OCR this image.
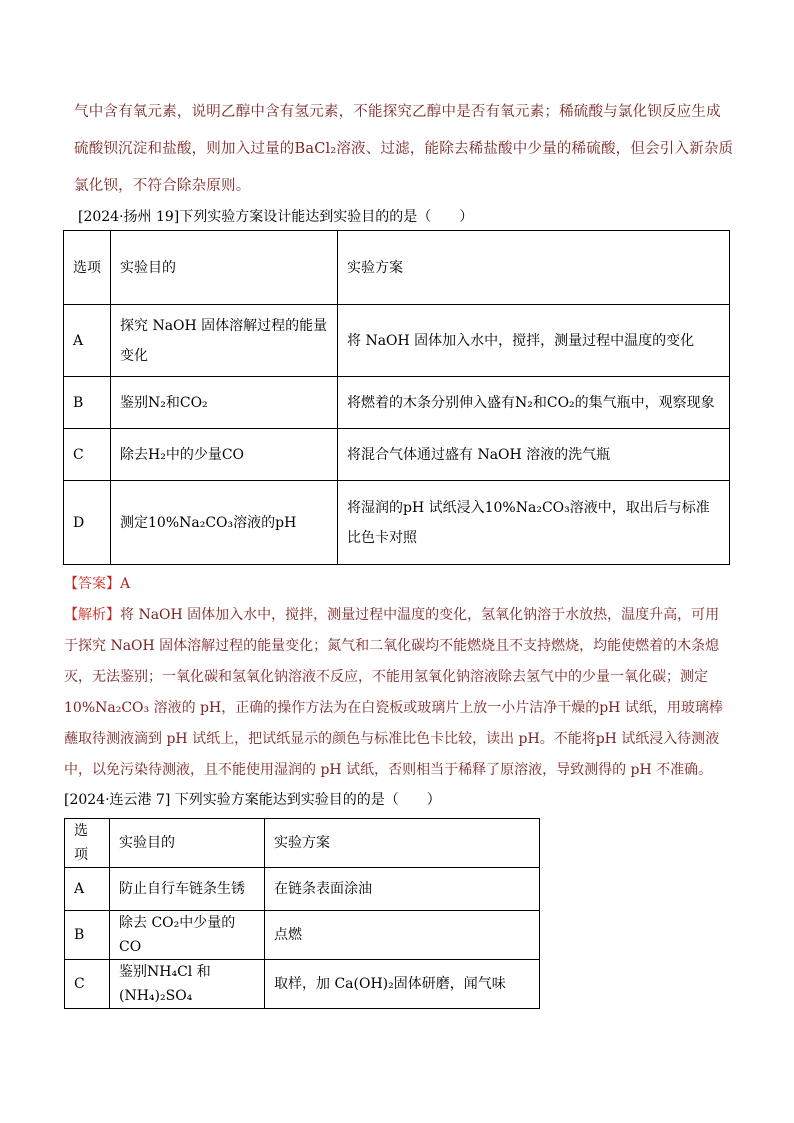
气中含有氧元素，说明乙醇中含有氢元素，不能探究乙醇中是否有氧元素；稀硫酸与氯化钡反应生成硫酸钡沉淀和盐酸，则加入过量的BaCl₂溶液、过滤，能除去稀盐酸中少量的稀硫酸，但会引入新杂质氯化钡，不符合除杂原则。
[2024·扬州 19]下列实验方案设计能达到实验目的的是（　　）
选项	实验目的	实验方案
A	探究 NaOH 固体溶解过程的能量变化	将 NaOH 固体加入水中，搅拌，测量过程中温度的变化
B	鉴别N₂和CO₂	将燃着的木条分别伸入盛有N₂和CO₂的集气瓶中，观察现象
C	除去H₂中的少量CO	将混合气体通过盛有 NaOH 溶液的洗气瓶
D	测定10%Na₂CO₃溶液的pH	将湿润的pH 试纸浸入10%Na₂CO₃溶液中，取出后与标准比色卡对照
【答案】A
【解析】将 NaOH 固体加入水中，搅拌，测量过程中温度的变化，氢氧化钠溶于水放热，温度升高，可用于探究 NaOH 固体溶解过程的能量变化；氮气和二氧化碳均不能燃烧且不支持燃烧，均能使燃着的木条熄灭，无法鉴别；一氧化碳和氢氧化钠溶液不反应，不能用氢氧化钠溶液除去氢气中的少量一氧化碳；测定10%Na₂CO₃ 溶液的 pH，正确的操作方法为在白瓷板或玻璃片上放一小片洁净干燥的pH 试纸，用玻璃棒蘸取待测液滴到 pH 试纸上，把试纸显示的颜色与标准比色卡比较，读出 pH。不能将pH 试纸浸入待测液中，以免污染待测液，且不能使用湿润的 pH 试纸，否则相当于稀释了原溶液，导致测得的 pH 不准确。
[2024·连云港 7] 下列实验方案能达到实验目的的是（　　）
选项	实验目的	实验方案
A	防止自行车链条生锈	在链条表面涂油
B	除去 CO₂中少量的CO	点燃
C	鉴别NH₄Cl 和(NH₄)₂SO₄	取样，加 Ca(OH)₂固体研磨，闻气味
